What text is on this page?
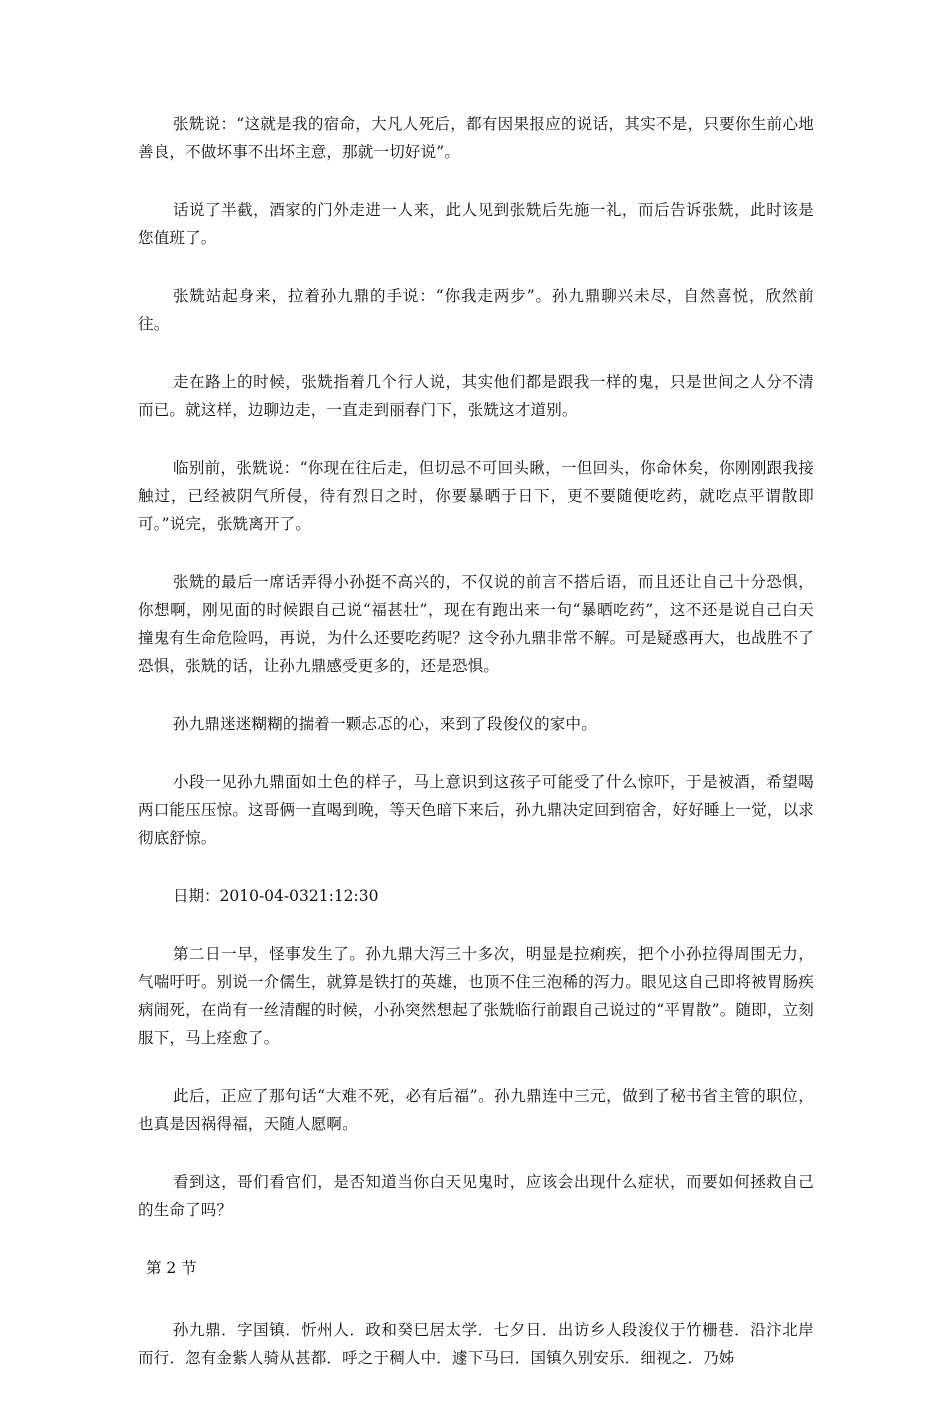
张兟说：“这就是我的宿命，大凡人死后，都有因果报应的说话，其实不是，只要你生前心地善良，不做坏事不出坏主意，那就一切好说”。

话说了半截，酒家的门外走进一人来，此人见到张兟后先施一礼，而后告诉张兟，此时该是您值班了。

张兟站起身来，拉着孙九鼎的手说：“你我走两步”。孙九鼎聊兴未尽，自然喜悦，欣然前往。

走在路上的时候，张兟指着几个行人说，其实他们都是跟我一样的鬼，只是世间之人分不清而已。就这样，边聊边走，一直走到丽春门下，张兟这才道别。

临别前，张兟说：“你现在往后走，但切忌不可回头瞅，一但回头，你命休矣，你刚刚跟我接触过，已经被阴气所侵，待有烈日之时，你要暴晒于日下，更不要随便吃药，就吃点平谓散即可。”说完，张兟离开了。

张兟的最后一席话弄得小孙挺不高兴的，不仅说的前言不搭后语，而且还让自己十分恐惧，你想啊，刚见面的时候跟自己说“福甚壮”，现在有跑出来一句“暴晒吃药”，这不还是说自己白天撞鬼有生命危险吗，再说，为什么还要吃药呢？这令孙九鼎非常不解。可是疑惑再大，也战胜不了恐惧，张兟的话，让孙九鼎感受更多的，还是恐惧。

孙九鼎迷迷糊糊的揣着一颗忐忑的心，来到了段俊仪的家中。

小段一见孙九鼎面如土色的样子，马上意识到这孩子可能受了什么惊吓，于是被酒，希望喝两口能压压惊。这哥俩一直喝到晚，等天色暗下来后，孙九鼎决定回到宿舍，好好睡上一觉，以求彻底舒惊。

日期：2010-04-0321:12:30

第二日一早，怪事发生了。孙九鼎大泻三十多次，明显是拉痢疾，把个小孙拉得周围无力，气喘吁吁。别说一介儒生，就算是铁打的英雄，也顶不住三泡稀的泻力。眼见这自己即将被胃肠疾病闹死，在尚有一丝清醒的时候，小孙突然想起了张兟临行前跟自己说过的“平胃散”。随即，立刻服下，马上痊愈了。

此后，正应了那句话“大难不死，必有后福”。孙九鼎连中三元，做到了秘书省主管的职位，也真是因祸得福，天随人愿啊。

看到这，哥们看官们，是否知道当你白天见鬼时，应该会出现什么症状，而要如何拯救自己的生命了吗？

第 2 节

孙九鼎．字国镇．忻州人．政和癸巳居太学．七夕日．出访乡人段浚仪于竹栅巷．沿汴北岸而行．忽有金紫人骑从甚都．呼之于稠人中．遽下马曰．国镇久别安乐．细视之．乃姊
